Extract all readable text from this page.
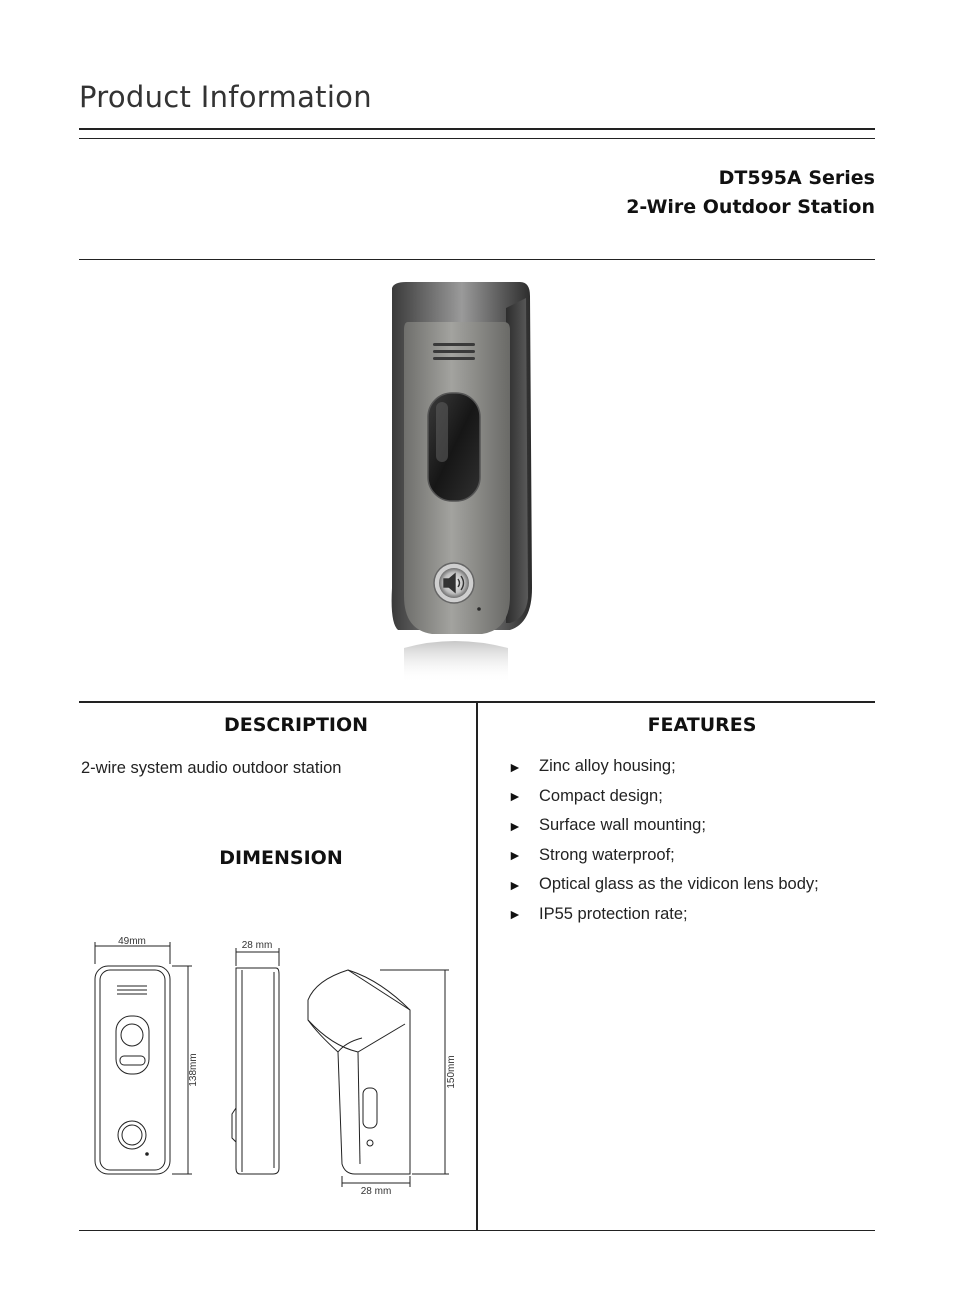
Product Information
DT595A Series
2-Wire Outdoor Station
DESCRIPTION
2-wire system audio outdoor station
DIMENSION
49mm	28 mm
138mm	150mm
28 mm
FEATURES
►	Zinc alloy housing;
►	Compact design;
►	Surface wall mounting;
►	Strong waterproof;
►	Optical glass as the vidicon lens body;
►	IP55 protection rate;
